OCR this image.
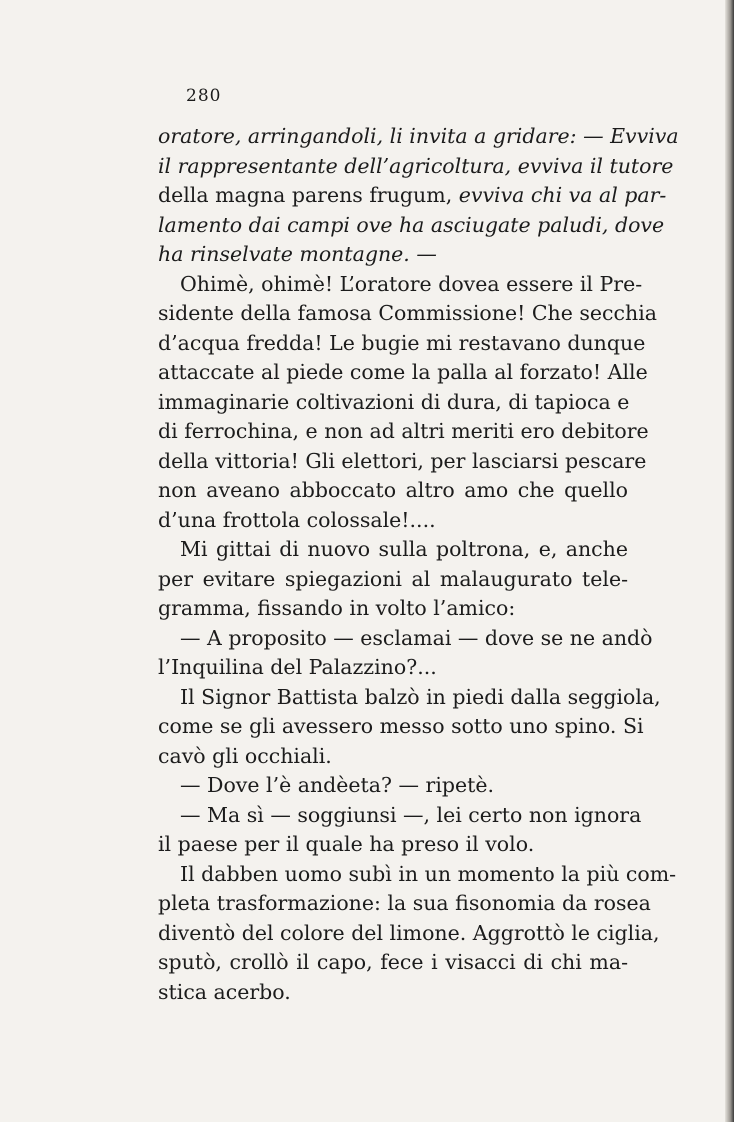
280
oratore, arringandoli, li invita a gridare: — Evviva
il rappresentante dell’agricoltura, evviva il tutore
della magna parens frugum, evviva chi va al par-
lamento dai campi ove ha asciugate paludi, dove
ha rinselvate montagne. —
Ohimè, ohimè! L’oratore dovea essere il Pre-
sidente della famosa Commissione! Che secchia
d’acqua fredda! Le bugie mi restavano dunque
attaccate al piede come la palla al forzato! Alle
immaginarie coltivazioni di dura, di tapioca e
di ferrochina, e non ad altri meriti ero debitore
della vittoria! Gli elettori, per lasciarsi pescare
non aveano abboccato altro amo che quello
d’una frottola colossale!....
Mi gittai di nuovo sulla poltrona, e, anche
per evitare spiegazioni al malaugurato tele-
gramma, fissando in volto l’amico:
— A proposito — esclamai — dove se ne andò
l’Inquilina del Palazzino?...
Il Signor Battista balzò in piedi dalla seggiola,
come se gli avessero messo sotto uno spino. Si
cavò gli occhiali.
— Dove l’è andèeta? — ripetè.
— Ma sì — soggiunsi —, lei certo non ignora
il paese per il quale ha preso il volo.
Il dabben uomo subì in un momento la più com-
pleta trasformazione: la sua fisonomia da rosea
diventò del colore del limone. Aggrottò le ciglia,
sputò, crollò il capo, fece i visacci di chi ma-
stica acerbo.
